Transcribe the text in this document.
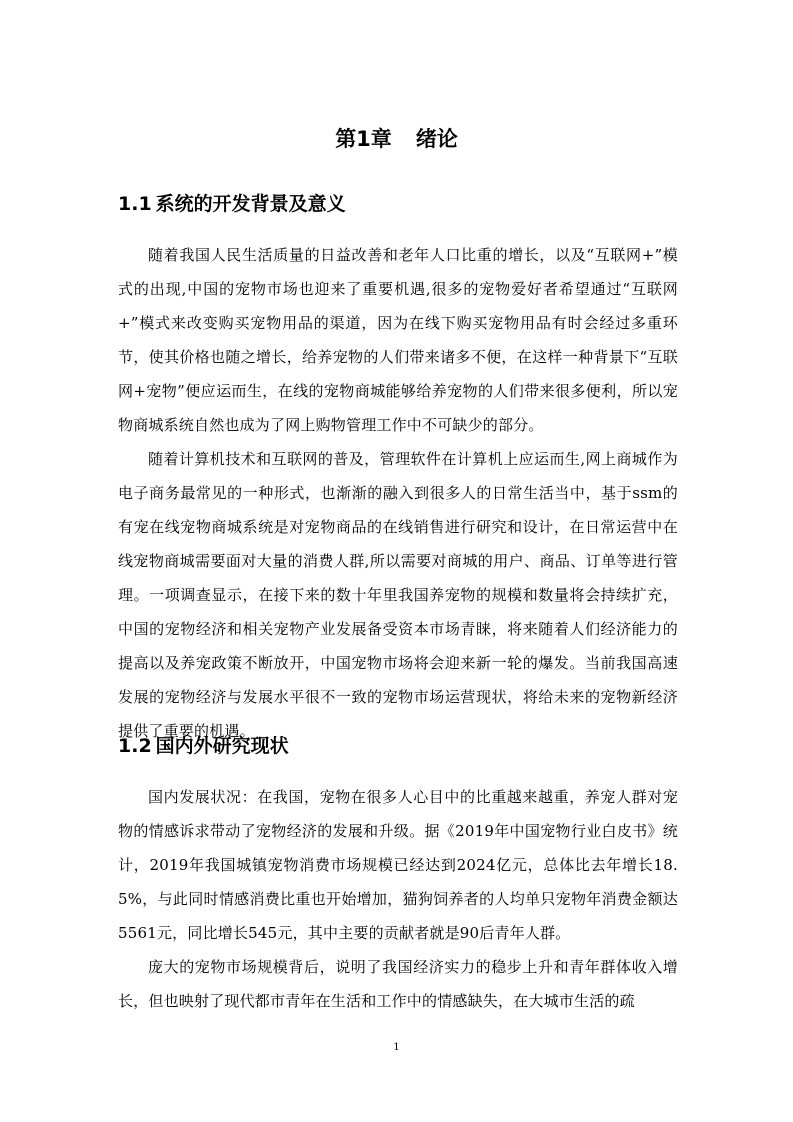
第1章 绪论
1.1 系统的开发背景及意义

随着我国人民生活质量的日益改善和老年人口比重的增长，以及“互联网+”模式的出现,中国的宠物市场也迎来了重要机遇,很多的宠物爱好者希望通过“互联网+”模式来改变购买宠物用品的渠道，因为在线下购买宠物用品有时会经过多重环节，使其价格也随之增长，给养宠物的人们带来诸多不便，在这样一种背景下“互联网+宠物”便应运而生，在线的宠物商城能够给养宠物的人们带来很多便利，所以宠物商城系统自然也成为了网上购物管理工作中不可缺少的部分。

随着计算机技术和互联网的普及，管理软件在计算机上应运而生,网上商城作为电子商务最常见的一种形式，也渐渐的融入到很多人的日常生活当中，基于ssm的有宠在线宠物商城系统是对宠物商品的在线销售进行研究和设计，在日常运营中在线宠物商城需要面对大量的消费人群,所以需要对商城的用户、商品、订单等进行管理。一项调查显示，在接下来的数十年里我国养宠物的规模和数量将会持续扩充，中国的宠物经济和相关宠物产业发展备受资本市场青睐，将来随着人们经济能力的提高以及养宠政策不断放开，中国宠物市场将会迎来新一轮的爆发。当前我国高速发展的宠物经济与发展水平很不一致的宠物市场运营现状，将给未来的宠物新经济提供了重要的机遇。

1.2 国内外研究现状

国内发展状况：在我国，宠物在很多人心目中的比重越来越重，养宠人群对宠物的情感诉求带动了宠物经济的发展和升级。据《2019年中国宠物行业白皮书》统计，2019年我国城镇宠物消费市场规模已经达到2024亿元，总体比去年增长18.5%，与此同时情感消费比重也开始增加，猫狗饲养者的人均单只宠物年消费金额达5561元，同比增长545元，其中主要的贡献者就是90后青年人群。

庞大的宠物市场规模背后，说明了我国经济实力的稳步上升和青年群体收入增长，但也映射了现代都市青年在生活和工作中的情感缺失，在大城市生活的疏

1
